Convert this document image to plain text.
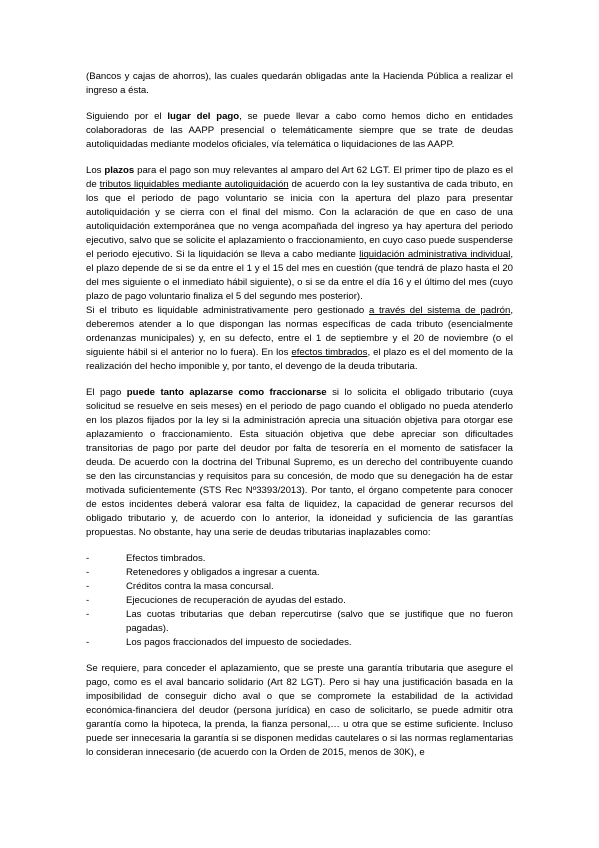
(Bancos y cajas de ahorros), las cuales quedarán obligadas ante la Hacienda Pública a realizar el ingreso a ésta.

Siguiendo por el lugar del pago, se puede llevar a cabo como hemos dicho en entidades colaboradoras de las AAPP presencial o telemáticamente siempre que se trate de deudas autoliquidadas mediante modelos oficiales, vía telemática o liquidaciones de las AAPP.

Los plazos para el pago son muy relevantes al amparo del Art 62 LGT. El primer tipo de plazo es el de tributos liquidables mediante autoliquidación de acuerdo con la ley sustantiva de cada tributo, en los que el periodo de pago voluntario se inicia con la apertura del plazo para presentar autoliquidación y se cierra con el final del mismo. Con la aclaración de que en caso de una autoliquidación extemporánea que no venga acompañada del ingreso ya hay apertura del periodo ejecutivo, salvo que se solicite el aplazamiento o fraccionamiento, en cuyo caso puede suspenderse el periodo ejecutivo. Si la liquidación se lleva a cabo mediante liquidación administrativa individual, el plazo depende de si se da entre el 1 y el 15 del mes en cuestión (que tendrá de plazo hasta el 20 del mes siguiente o el inmediato hábil siguiente), o si se da entre el día 16 y el último del mes (cuyo plazo de pago voluntario finaliza el 5 del segundo mes posterior).

Si el tributo es liquidable administrativamente pero gestionado a través del sistema de padrón, deberemos atender a lo que dispongan las normas específicas de cada tributo (esencialmente ordenanzas municipales) y, en su defecto, entre el 1 de septiembre y el 20 de noviembre (o el siguiente hábil si el anterior no lo fuera). En los efectos timbrados, el plazo es el del momento de la realización del hecho imponible y, por tanto, el devengo de la deuda tributaria.

El pago puede tanto aplazarse como fraccionarse si lo solicita el obligado tributario (cuya solicitud se resuelve en seis meses) en el periodo de pago cuando el obligado no pueda atenderlo en los plazos fijados por la ley si la administración aprecia una situación objetiva para otorgar ese aplazamiento o fraccionamiento. Esta situación objetiva que debe apreciar son dificultades transitorias de pago por parte del deudor por falta de tesorería en el momento de satisfacer la deuda. De acuerdo con la doctrina del Tribunal Supremo, es un derecho del contribuyente cuando se den las circunstancias y requisitos para su concesión, de modo que su denegación ha de estar motivada suficientemente (STS Rec Nº3393/2013). Por tanto, el órgano competente para conocer de estos incidentes deberá valorar esa falta de liquidez, la capacidad de generar recursos del obligado tributario y, de acuerdo con lo anterior, la idoneidad y suficiencia de las garantías propuestas. No obstante, hay una serie de deudas tributarias inaplazables como:

-	Efectos timbrados.
-	Retenedores y obligados a ingresar a cuenta.
-	Créditos contra la masa concursal.
-	Ejecuciones de recuperación de ayudas del estado.
-	Las cuotas tributarias que deban repercutirse (salvo que se justifique que no fueron pagadas).
-	Los pagos fraccionados del impuesto de sociedades.

Se requiere, para conceder el aplazamiento, que se preste una garantía tributaria que asegure el pago, como es el aval bancario solidario (Art 82 LGT). Pero si hay una justificación basada en la imposibilidad de conseguir dicho aval o que se compromete la estabilidad de la actividad económica-financiera del deudor (persona jurídica) en caso de solicitarlo, se puede admitir otra garantía como la hipoteca, la prenda, la fianza personal,… u otra que se estime suficiente. Incluso puede ser innecesaria la garantía si se disponen medidas cautelares o si las normas reglamentarias lo consideran innecesario (de acuerdo con la Orden de 2015, menos de 30K), e
